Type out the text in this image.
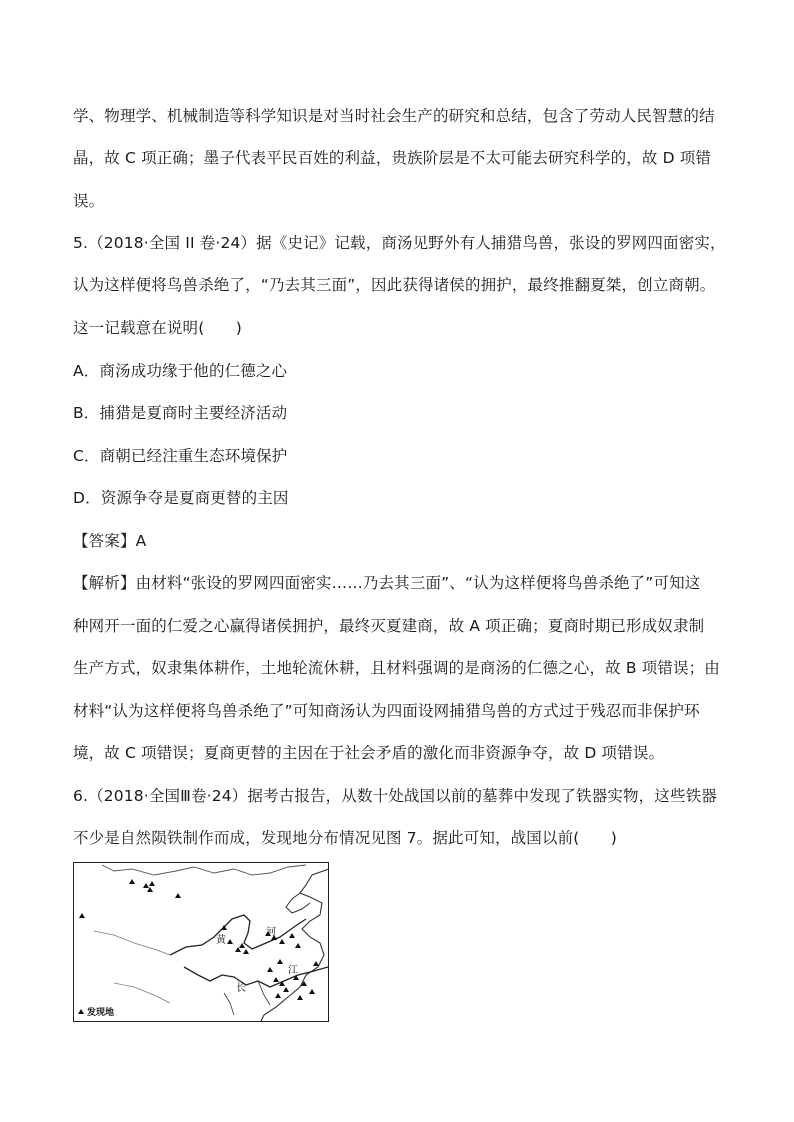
学、物理学、机械制造等科学知识是对当时社会生产的研究和总结，包含了劳动人民智慧的结
晶，故 C 项正确；墨子代表平民百姓的利益，贵族阶层是不太可能去研究科学的，故 D 项错
误。
5.（2018·全国 II 卷·24）据《史记》记载，商汤见野外有人捕猎鸟兽，张设的罗网四面密实，
认为这样便将鸟兽杀绝了，“乃去其三面”，因此获得诸侯的拥护，最终推翻夏桀，创立商朝。
这一记载意在说明(　　)
A．商汤成功缘于他的仁德之心
B．捕猎是夏商时主要经济活动
C．商朝已经注重生态环境保护
D．资源争夺是夏商更替的主因
【答案】A
【解析】由材料“张设的罗网四面密实……乃去其三面”、“认为这样便将鸟兽杀绝了”可知这
种网开一面的仁爱之心赢得诸侯拥护，最终灭夏建商，故 A 项正确；夏商时期已形成奴隶制
生产方式，奴隶集体耕作，土地轮流休耕，且材料强调的是商汤的仁德之心，故 B 项错误；由
材料“认为这样便将鸟兽杀绝了”可知商汤认为四面设网捕猎鸟兽的方式过于残忍而非保护环
境，故 C 项错误；夏商更替的主因在于社会矛盾的激化而非资源争夺，故 D 项错误。
6.（2018·全国Ⅲ卷·24）据考古报告，从数十处战国以前的墓葬中发现了铁器实物，这些铁器
不少是自然陨铁制作而成，发现地分布情况见图 7。据此可知，战国以前(　　)
黄
河
长
江
发现地
